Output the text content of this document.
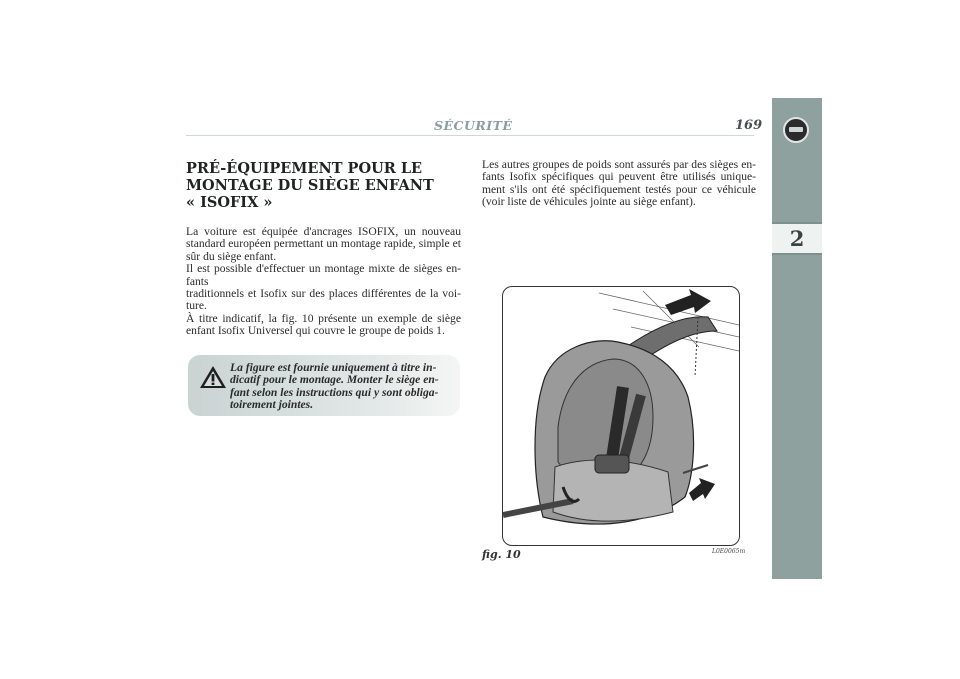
SÉCURITÉ	169
2
PRÉ-ÉQUIPEMENT POUR LE
MONTAGE DU SIÈGE ENFANT
« ISOFIX »

La voiture est équipée d'ancrages ISOFIX, un nouveau standard européen permettant un montage rapide, simple et sûr du siège enfant.

Il est possible d'effectuer un montage mixte de sièges en-fants

traditionnels et Isofix sur des places différentes de la voi-ture.

À titre indicatif, la fig. 10 présente un exemple de siège enfant Isofix Universel qui couvre le groupe de poids 1.

La figure est fournie uniquement à titre in-dicatif pour le montage. Monter le siège en-fant selon les instructions qui y sont obliga-toirement jointes.

Les autres groupes de poids sont assurés par des sièges en-fants Isofix spécifiques qui peuvent être utilisés unique-ment s'ils ont été spécifiquement testés pour ce véhicule (voir liste de véhicules jointe au siège enfant).

fig. 10	L0E0065m
